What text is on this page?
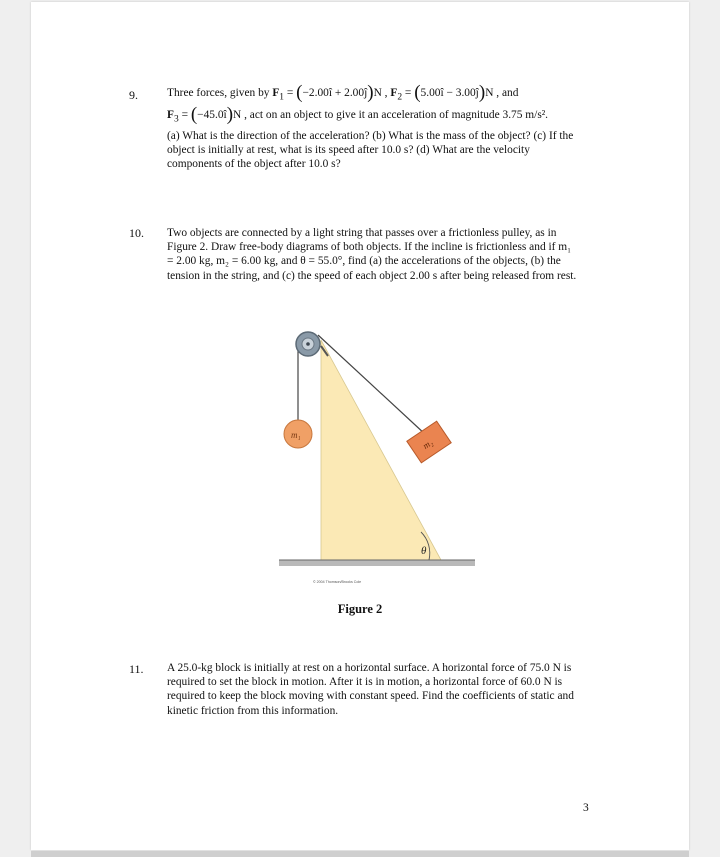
9.	Three forces, given by $F_1$ = (−2.00î + 2.00ĵ)N , $F_2$ = (5.00î − 3.00ĵ)N , and
$F_3$ = (−45.0î)N , act on an object to give it an acceleration of magnitude 3.75 m/s².
(a) What is the direction of the acceleration? (b) What is the mass of the object? (c) If the
object is initially at rest, what is its speed after 10.0 s? (d) What are the velocity
components of the object after 10.0 s?
10. Two objects are connected by a light string that passes over a frictionless pulley, as in
Figure 2. Draw free-body diagrams of both objects. If the incline is frictionless and if m₁
= 2.00 kg, m₂ = 6.00 kg, and θ = 55.0°, find (a) the accelerations of the objects, (b) the
tension in the string, and (c) the speed of each object 2.00 s after being released from rest.
m₁
m₂
θ
© 2004 Thomson/Brooks Cole
Figure 2
11. A 25.0-kg block is initially at rest on a horizontal surface. A horizontal force of 75.0 N is
required to set the block in motion. After it is in motion, a horizontal force of 60.0 N is
required to keep the block moving with constant speed. Find the coefficients of static and
kinetic friction from this information.
3
